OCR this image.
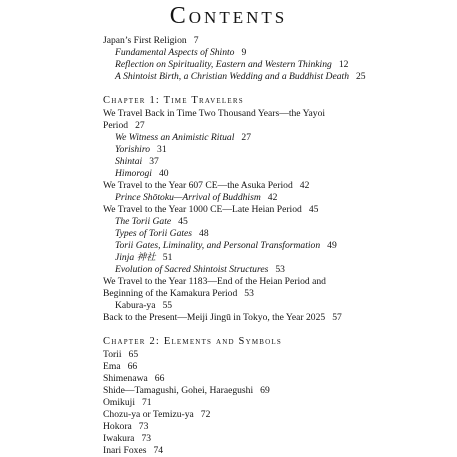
Contents
Japan’s First Religion 7
Fundamental Aspects of Shinto 9
Reflection on Spirituality, Eastern and Western Thinking 12
A Shintoist Birth, a Christian Wedding and a Buddhist Death 25
Chapter 1: Time Travelers
We Travel Back in Time Two Thousand Years—the Yayoi
Period 27
We Witness an Animistic Ritual 27
Yorishiro 31
Shintai 37
Himorogi 40
We Travel to the Year 607 CE—the Asuka Period 42
Prince Shōtoku—Arrival of Buddhism 42
We Travel to the Year 1000 CE—Late Heian Period 45
The Torii Gate 45
Types of Torii Gates 48
Torii Gates, Liminality, and Personal Transformation 49
Jinja 神社 51
Evolution of Sacred Shintoist Structures 53
We Travel to the Year 1183—End of the Heian Period and
Beginning of the Kamakura Period 53
Kabura-ya 55
Back to the Present—Meiji Jingū in Tokyo, the Year 2025 57
Chapter 2: Elements and Symbols
Torii 65
Ema 66
Shimenawa 66
Shide—Tamagushi, Gohei, Haraegushi 69
Omikuji 71
Chozu-ya or Temizu-ya 72
Hokora 73
Iwakura 73
Inari Foxes 74
